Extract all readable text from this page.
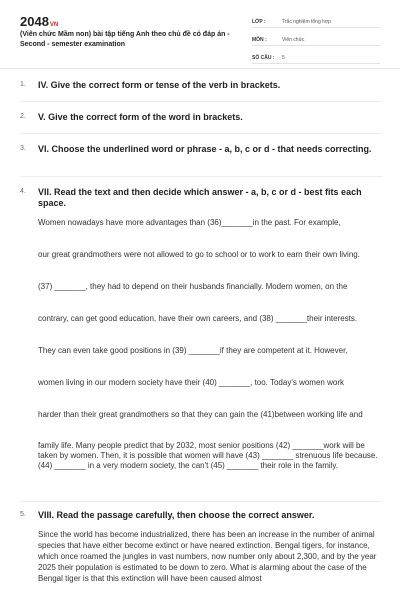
2048VN
(Viên chức Mầm non) bài tập tiếng Anh theo chủ đề có đáp án - Second - semester examination
LỚP :	Trắc nghiệm tổng hợp
MÔN :	Viên chức
SỐ CÂU :	5
1.	IV. Give the correct form or tense of the verb in brackets.
2.	V. Give the correct form of the word in brackets.
3.	VI. Choose the underlined word or phrase - a, b, c or d - that needs correcting.
4.	VII. Read the text and then decide which answer - a, b, c or d - best fits each space.
Women nowadays have more advantages than (36)_______in the past. For example,
our great grandmothers were not allowed to go to school or to work to earn their own living.
(37) _______, they had to depend on their husbands financially. Modern women, on the
contrary, can get good education, have their own careers, and (38) _______their interests.
They can even take good positions in (39) _______if they are competent at it. However,
women living in our modern society have their (40) _______, too. Today's women work
harder than their great grandmothers so that they can gain the (41)between working life and
family life. Many people predict that by 2032, most senior positions (42) _______work will be taken by women. Then, it is possible that women will have (43) _______ strenuous life because. (44) _______ in a very modern society, the can't (45) _______ their role in the family.
5.	VIII. Read the passage carefully, then choose the correct answer.
Since the world has become industrialized, there has been an increase in the number of animal species that have either become extinct or have neared extinction. Bengal tigers, for instance, which once roamed the jungles in vast numbers, now number only about 2,300, and by the year 2025 their population is estimated to be down to zero. What is alarming about the case of the Bengal tiger is that this extinction will have been caused almost
